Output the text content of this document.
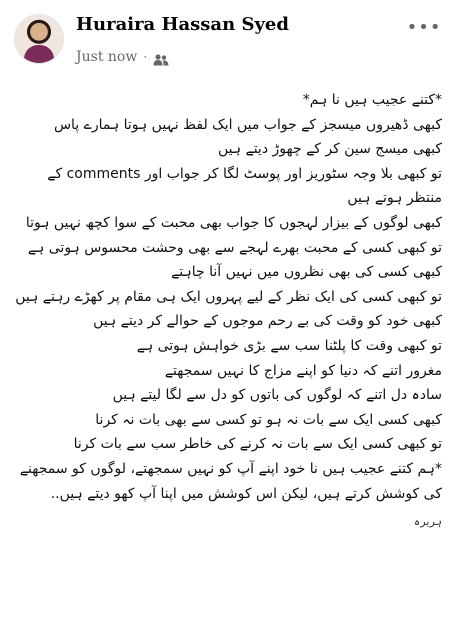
Huraira Hassan Syed
Just now ·
•••
*کتنے عجیب ہیں نا ہم*
کبھی ڈھیروں میسجز کے جواب میں ایک لفظ نہیں ہوتا ہمارے پاس
کبھی میسج سین کر کے چھوڑ دیتے ہیں
تو کبھی بلا وجہ سٹوریز اور پوسٹ لگا کر جواب اور comments کے منتظر ہوتے ہیں
کبھی لوگوں کے بیزار لہجوں کا جواب بھی محبت کے سوا کچھ نہیں ہوتا
تو کبھی کسی کے محبت بھرے لہجے سے بھی وحشت محسوس ہوتی ہے
کبھی کسی کی بھی نظروں میں نہیں آنا چاہتے
تو کبھی کسی کی ایک نظر کے لیے پہروں ایک ہی مقام پر کھڑے رہتے ہیں
کبھی خود کو وقت کی بے رحم موجوں کے حوالے کر دیتے ہیں
تو کبھی وقت کا پلٹنا سب سے بڑی خواہش ہوتی ہے
مغرور اتنے کہ دنیا کو اپنے مزاج کا نہیں سمجھتے
سادہ دل اتنے کہ لوگوں کی باتوں کو دل سے لگا لیتے ہیں
کبھی کسی ایک سے بات نہ ہو تو کسی سے بھی بات نہ کرنا
تو کبھی کسی ایک سے بات نہ کرنے کی خاطر سب سے بات کرنا
*ہم کتنے عجیب ہیں نا خود اپنے آپ کو نہیں سمجھتے، لوگوں کو سمجھنے کی کوشش کرتے ہیں، لیکن اس کوشش میں اپنا آپ کھو دیتے ہیں..
ہریرہ
